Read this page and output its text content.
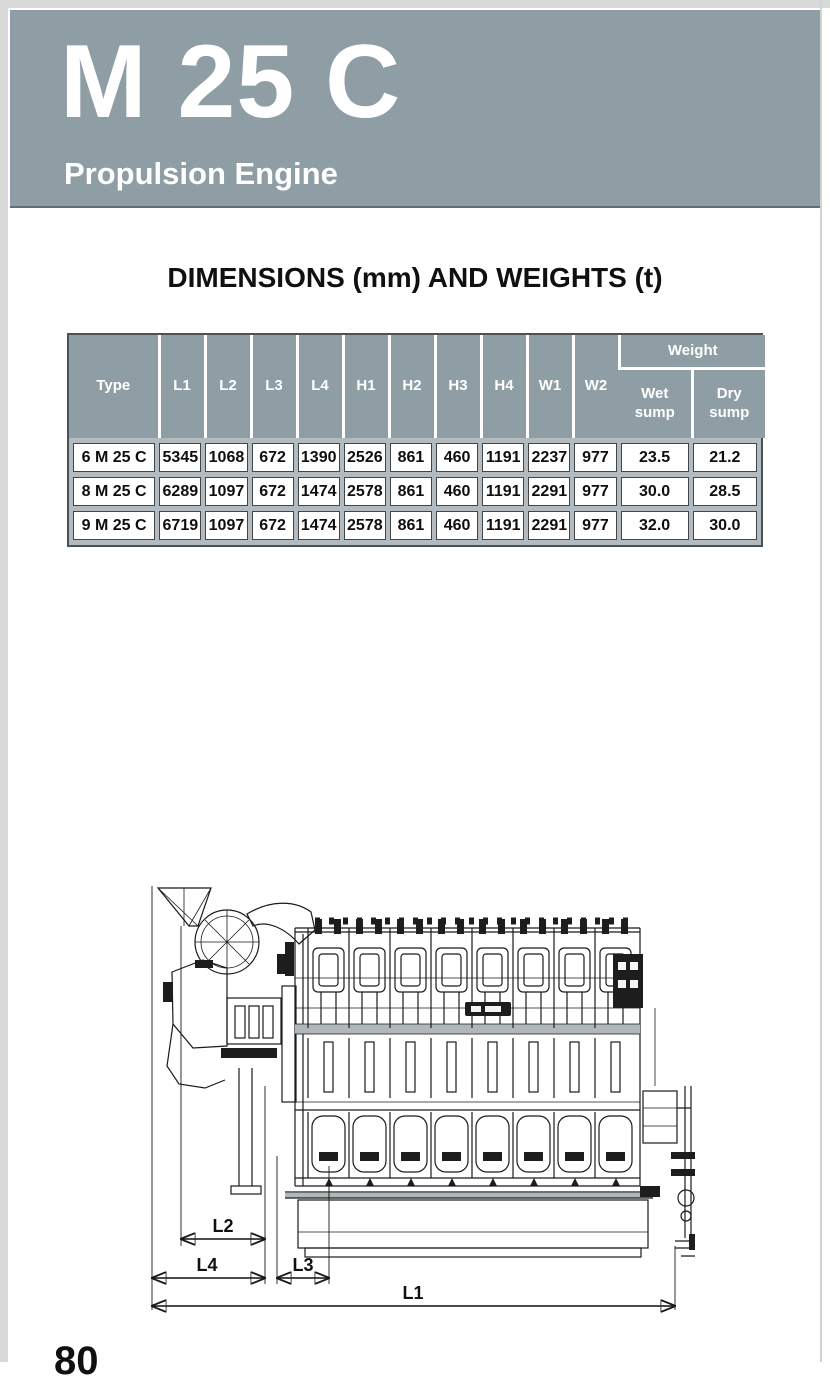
M 25 C
Propulsion Engine
DIMENSIONS (mm) AND WEIGHTS (t)
Type	L1	L2	L3	L4	H1	H2	H3	H4	W1	W2	Weight	
											Wet sump	Dry sump
6 M 25 C	5345	1068	672	1390	2526	861	460	1191	2237	977	23.5	21.2
8 M 25 C	6289	1097	672	1474	2578	861	460	1191	2291	977	30.0	28.5
9 M 25 C	6719	1097	672	1474	2578	861	460	1191	2291	977	32.0	30.0
L2
L4	L3
L1
80
